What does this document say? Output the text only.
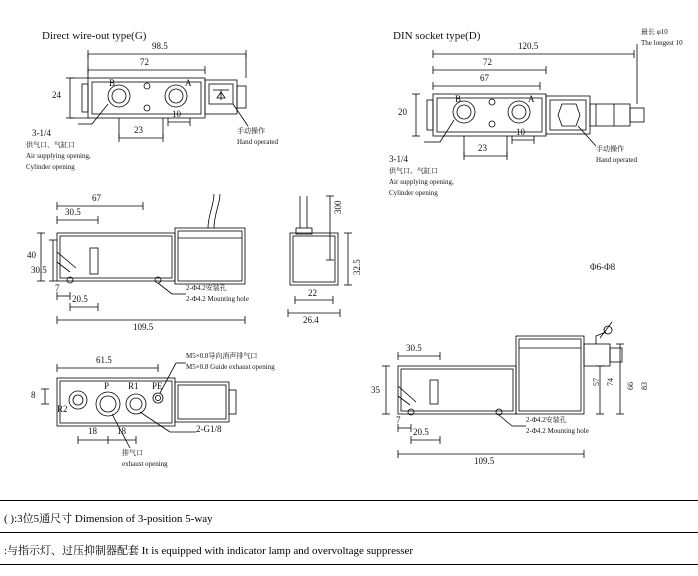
Direct wire-out type(G)	DIN socket type(D)
98.5
72
24
B	A
10
23
3-1/4
供气口、气缸口
Air supplying opening,
Cylinder opening
手动操作
Hand operated
67
30.5
40
30.5
7
20.5
109.5
2-Φ4.2安装孔
2-Φ4.2 Mounting hole
300
32.5
22
26.4
61.5
8
18 18
P R1
R2
PE
M5×0.8导向消声排气口
M5×0.8 Guide exhaust opening
2-G1/8
排气口
exhaust opening
120.5
72
67
20
B	A
10
23
3-1/4
供气口、气缸口
Air supplying opening,
Cylinder opening
手动操作
Hand operated
最长 φ10
The longest 10
30.5
35
7
20.5
109.5
Φ6-Φ8
57 74 66 83
2-Φ4.2安装孔
2-Φ4.2 Mounting hole
( ):3位5通尺寸 Dimension of 3-position 5-way
:与指示灯、过压抑制器配套 It is equipped with indicator lamp and overvoltage suppresser
